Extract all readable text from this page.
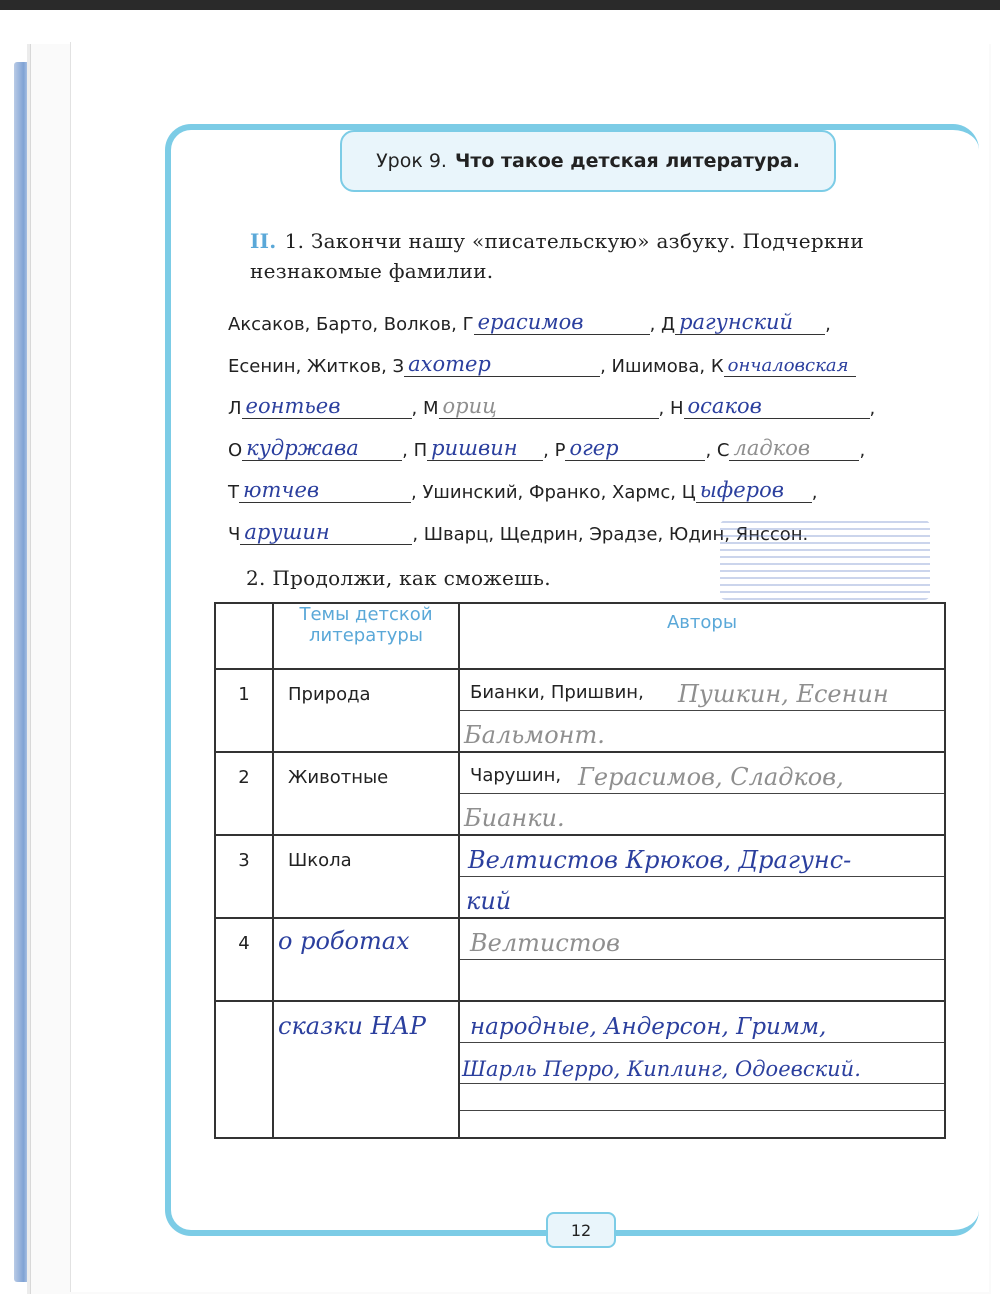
Урок 9. Что такое детская литература.
II. 1. Закончи нашу «писательскую» азбуку. Подчеркни незнакомые фамилии.
Аксаков, Барто, Волков, Г ерасимов	, Д рагунский ,
Есенин, Житков, З ахотер	, Ишимова, К ончаловская
Л еонтьев	, М ориц	, Н осаков	,
О кудржава , П ришвин , Р огер	, С ладков	,
Т ютчев	, Ушинский, Франко, Хармс, Ц ыферов ,
Ч арушин	, Шварц, Щедрин, Эрадзе, Юдин, Янссон.
2. Продолжи, как сможешь.
	Темы детской литературы	Авторы

1	Природа	Бианки, Пришвин, Пушкин, Есенин
Бальмонт.

2	Животные	Чарушин, Герасимов, Сладков,
Бианки.

3	Школа	Велтистов Крюков, Драгунс-
кий

4	о роботах	Велтистов

	сказки НАР	народные, Андерсон, Гримм,
Шарль Перро, Киплинг, Одоевский.
12
